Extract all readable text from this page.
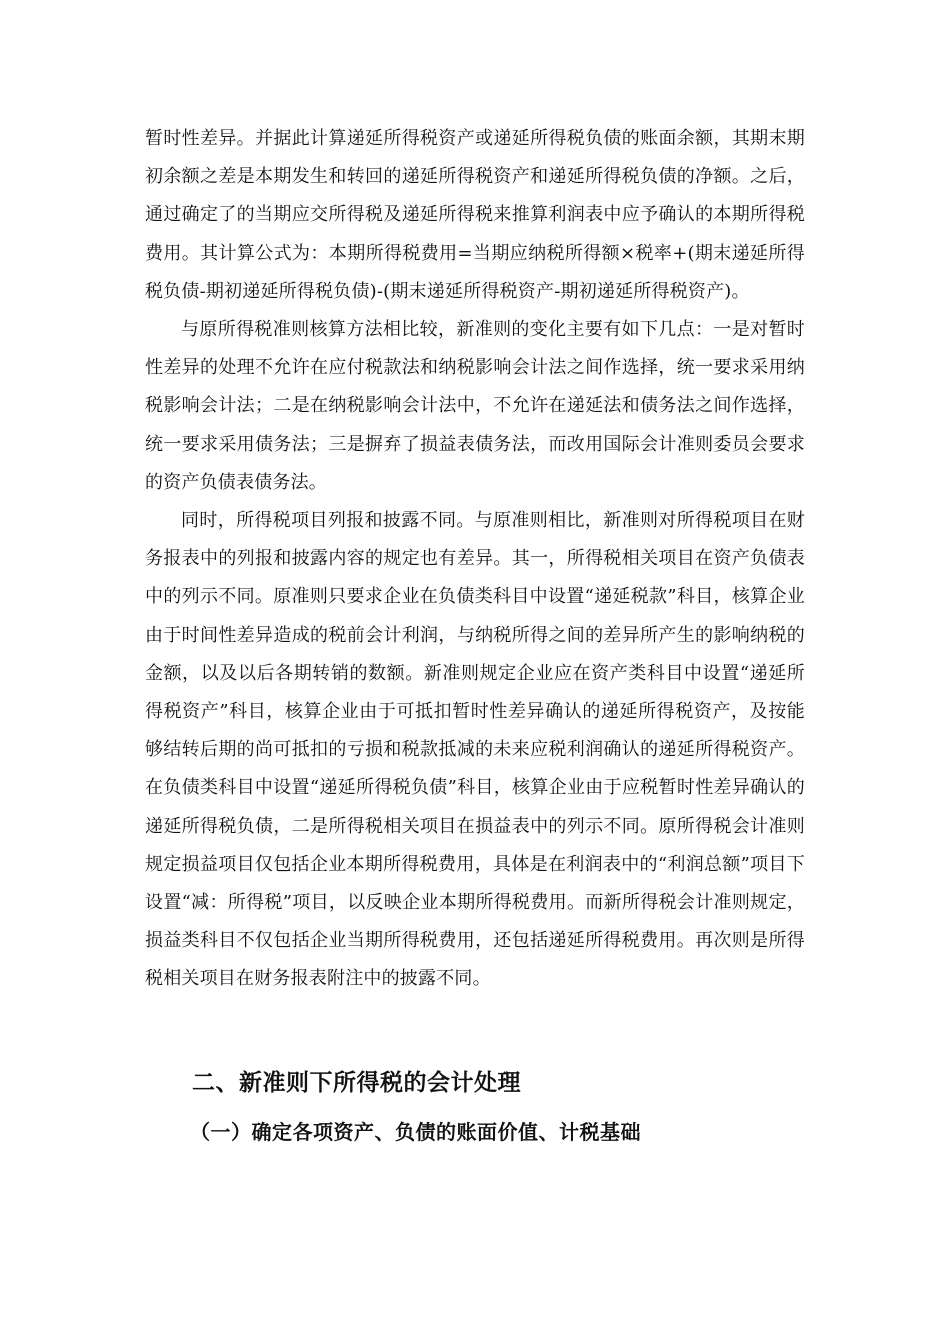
暂时性差异。并据此计算递延所得税资产或递延所得税负债的账面余额，其期末期初余额之差是本期发生和转回的递延所得税资产和递延所得税负债的净额。之后，通过确定了的当期应交所得税及递延所得税来推算利润表中应予确认的本期所得税费用。其计算公式为：本期所得税费用=当期应纳税所得额×税率+(期末递延所得税负债-期初递延所得税负债)-(期末递延所得税资产-期初递延所得税资产)。

与原所得税准则核算方法相比较，新准则的变化主要有如下几点：一是对暂时性差异的处理不允许在应付税款法和纳税影响会计法之间作选择，统一要求采用纳税影响会计法；二是在纳税影响会计法中，不允许在递延法和债务法之间作选择，统一要求采用债务法；三是摒弃了损益表债务法，而改用国际会计准则委员会要求的资产负债表债务法。

同时，所得税项目列报和披露不同。与原准则相比，新准则对所得税项目在财务报表中的列报和披露内容的规定也有差异。其一，所得税相关项目在资产负债表中的列示不同。原准则只要求企业在负债类科目中设置“递延税款”科目，核算企业由于时间性差异造成的税前会计利润，与纳税所得之间的差异所产生的影响纳税的金额，以及以后各期转销的数额。新准则规定企业应在资产类科目中设置“递延所得税资产”科目，核算企业由于可抵扣暂时性差异确认的递延所得税资产，及按能够结转后期的尚可抵扣的亏损和税款抵减的未来应税利润确认的递延所得税资产。在负债类科目中设置“递延所得税负债”科目，核算企业由于应税暂时性差异确认的递延所得税负债，二是所得税相关项目在损益表中的列示不同。原所得税会计准则规定损益项目仅包括企业本期所得税费用，具体是在利润表中的“利润总额”项目下设置“减：所得税”项目，以反映企业本期所得税费用。而新所得税会计准则规定，损益类科目不仅包括企业当期所得税费用，还包括递延所得税费用。再次则是所得税相关项目在财务报表附注中的披露不同。

二、新准则下所得税的会计处理
（一）确定各项资产、负债的账面价值、计税基础
